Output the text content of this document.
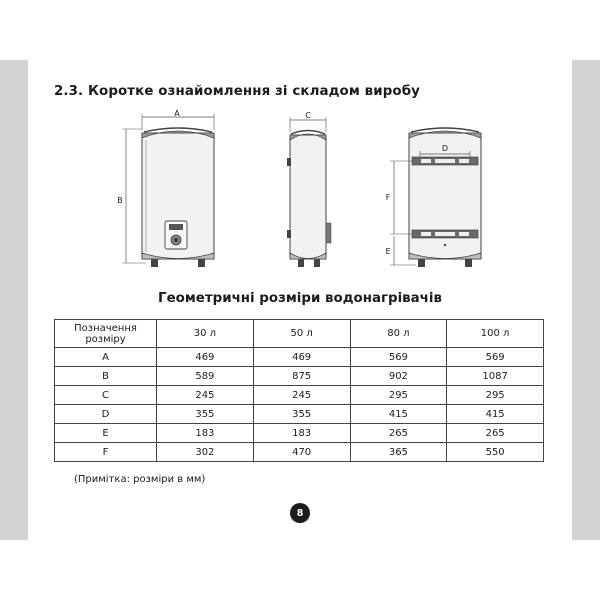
2.3. Коротке ознайомлення зі складом виробу
A
B
C
D
F
E
Геометричні розміри водонагрівачів
Позначення розміру	30 л	50 л	80 л	100 л
A	469	469	569	569
B	589	875	902	1087
C	245	245	295	295
D	355	355	415	415
E	183	183	265	265
F	302	470	365	550
(Примітка: розміри в мм)
8
